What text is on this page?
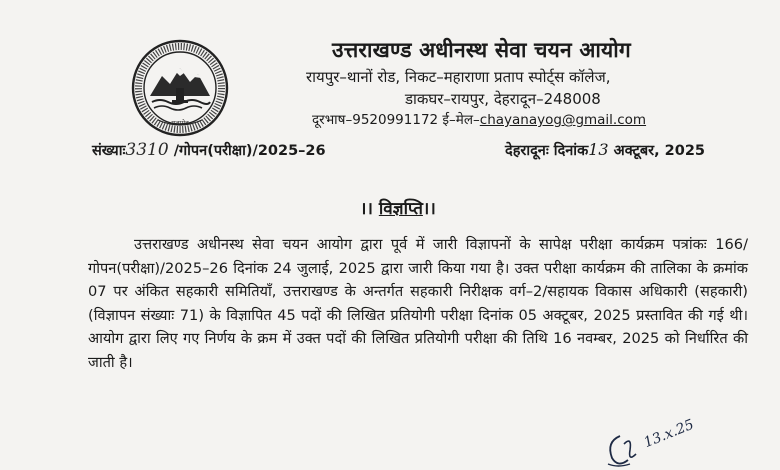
सत्यमेव
उत्तराखण्ड अधीनस्थ सेवा चयन आयोग
रायपुर–थानों रोड, निकट–महाराणा प्रताप स्पोर्ट्स कॉलेज,
डाकघर–रायपुर, देहरादून–248008
दूरभाष–9520991172 ई–मेल–chayanayog@gmail.com
संख्याः3310 /गोपन(परीक्षा)/2025–26	देहरादूनः दिनांक13 अक्टूबर, 2025
।। विज्ञप्ति।।

उत्तराखण्ड अधीनस्थ सेवा चयन आयोग द्वारा पूर्व में जारी विज्ञापनों के सापेक्ष परीक्षा कार्यक्रम पत्रांकः 166/गोपन(परीक्षा)/2025–26 दिनांक 24 जुलाई, 2025 द्वारा जारी किया गया है। उक्त परीक्षा कार्यक्रम की तालिका के क्रमांक 07 पर अंकित सहकारी समितियाँ, उत्तराखण्ड के अन्तर्गत सहकारी निरीक्षक वर्ग–2/सहायक विकास अधिकारी (सहकारी) (विज्ञापन संख्याः 71) के विज्ञापित 45 पदों की लिखित प्रतियोगी परीक्षा दिनांक 05 अक्टूबर, 2025 प्रस्तावित की गई थी। आयोग द्वारा लिए गए निर्णय के क्रम में उक्त पदों की लिखित प्रतियोगी परीक्षा की तिथि 16 नवम्बर, 2025 को निर्धारित की जाती है।

13.x.25
